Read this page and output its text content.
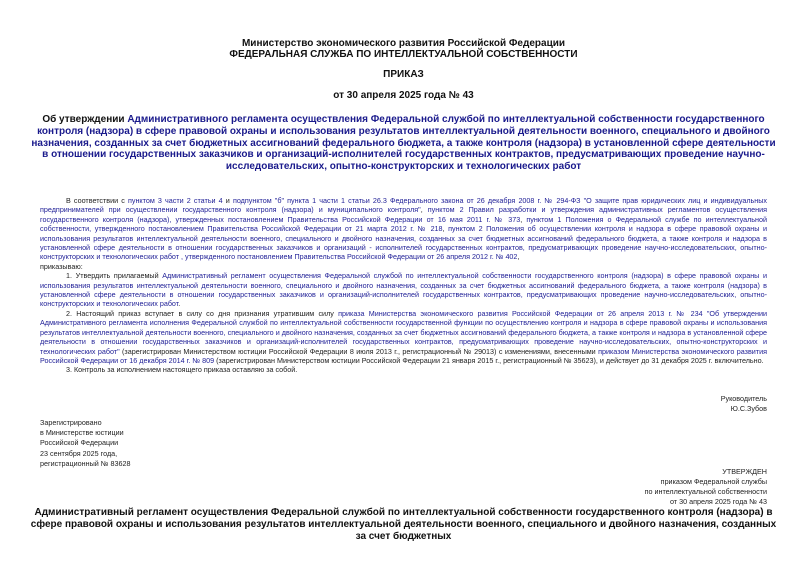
Министерство экономического развития Российской Федерации
ФЕДЕРАЛЬНАЯ СЛУЖБА ПО ИНТЕЛЛЕКТУАЛЬНОЙ СОБСТВЕННОСТИ
ПРИКАЗ
от 30 апреля 2025 года № 43
Об утверждении Административного регламента осуществления Федеральной службой по интеллектуальной собственности государственного контроля (надзора) в сфере правовой охраны и использования результатов интеллектуальной деятельности военного, специального и двойного назначения, созданных за счет бюджетных ассигнований федерального бюджета, а также контроля (надзора) в установленной сфере деятельности в отношении государственных заказчиков и организаций-исполнителей государственных контрактов, предусматривающих проведение научно-исследовательских, опытно-конструкторских и технологических работ

В соответствии с пунктом 3 части 2 статьи 4 и подпунктом "б" пункта 1 части 1 статьи 26.3 Федерального закона от 26 декабря 2008 г. № 294-ФЗ "О защите прав юридических лиц и индивидуальных предпринимателей при осуществлении государственного контроля (надзора) и муниципального контроля", пунктом 2 Правил разработки и утверждения административных регламентов осуществления государственного контроля (надзора), утвержденных постановлением Правительства Российской Федерации от 16 мая 2011 г. № 373, пунктом 1 Положения о Федеральной службе по интеллектуальной собственности, утвержденного постановлением Правительства Российской Федерации от 21 марта 2012 г. № 218, пунктом 2 Положения об осуществлении контроля и надзора в сфере правовой охраны и использования результатов интеллектуальной деятельности военного, специального и двойного назначения, созданных за счет бюджетных ассигнований федерального бюджета, а также контроля и надзора в установленной сфере деятельности в отношении государственных заказчиков и организаций - исполнителей государственных контрактов, предусматривающих проведение научно-исследовательских, опытно-конструкторских и технологических работ , утвержденного постановлением Правительства Российской Федерации от 26 апреля 2012 г. № 402,

приказываю:

1. Утвердить прилагаемый Административный регламент осуществления Федеральной службой по интеллектуальной собственности государственного контроля (надзора) в сфере правовой охраны и использования результатов интеллектуальной деятельности военного, специального и двойного назначения, созданных за счет бюджетных ассигнований федерального бюджета, а также контроля (надзора) в установленной сфере деятельности в отношении государственных заказчиков и организаций-исполнителей государственных контрактов, предусматривающих проведение научно-исследовательских, опытно-конструкторских и технологических работ.

2. Настоящий приказ вступает в силу со дня признания утратившим силу приказа Министерства экономического развития Российской Федерации от 26 апреля 2013 г. № 234 "Об утверждении Административного регламента исполнения Федеральной службой по интеллектуальной собственности государственной функции по осуществлению контроля и надзора в сфере правовой охраны и использования результатов интеллектуальной деятельности военного, специального и двойного назначения, созданных за счет бюджетных ассигнований федерального бюджета, а также контроля и надзора в установленной сфере деятельности в отношении государственных заказчиков и организаций-исполнителей государственных контрактов, предусматривающих проведение научно-исследовательских, опытно-конструкторских и технологических работ" (зарегистрирован Министерством юстиции Российской Федерации 8 июля 2013 г., регистрационный № 29013) с изменениями, внесенными приказом Министерства экономического развития Российской Федерации от 16 декабря 2014 г. № 809 (зарегистрирован Министерством юстиции Российской Федерации 21 января 2015 г., регистрационный № 35623), и действует до 31 декабря 2025 г. включительно.

3. Контроль за исполнением настоящего приказа оставляю за собой.

Руководитель
Ю.С.Зубов
Зарегистрировано
в Министерстве юстиции
Российской Федерации
23 сентября 2025 года,
регистрационный № 83628
УТВЕРЖДЕН
приказом Федеральной службы
по интеллектуальной собственности
от 30 апреля 2025 года № 43
Административный регламент осуществления Федеральной службой по интеллектуальной собственности государственного контроля (надзора) в сфере правовой охраны и использования результатов интеллектуальной деятельности военного, специального и двойного назначения, созданных за счет бюджетных
